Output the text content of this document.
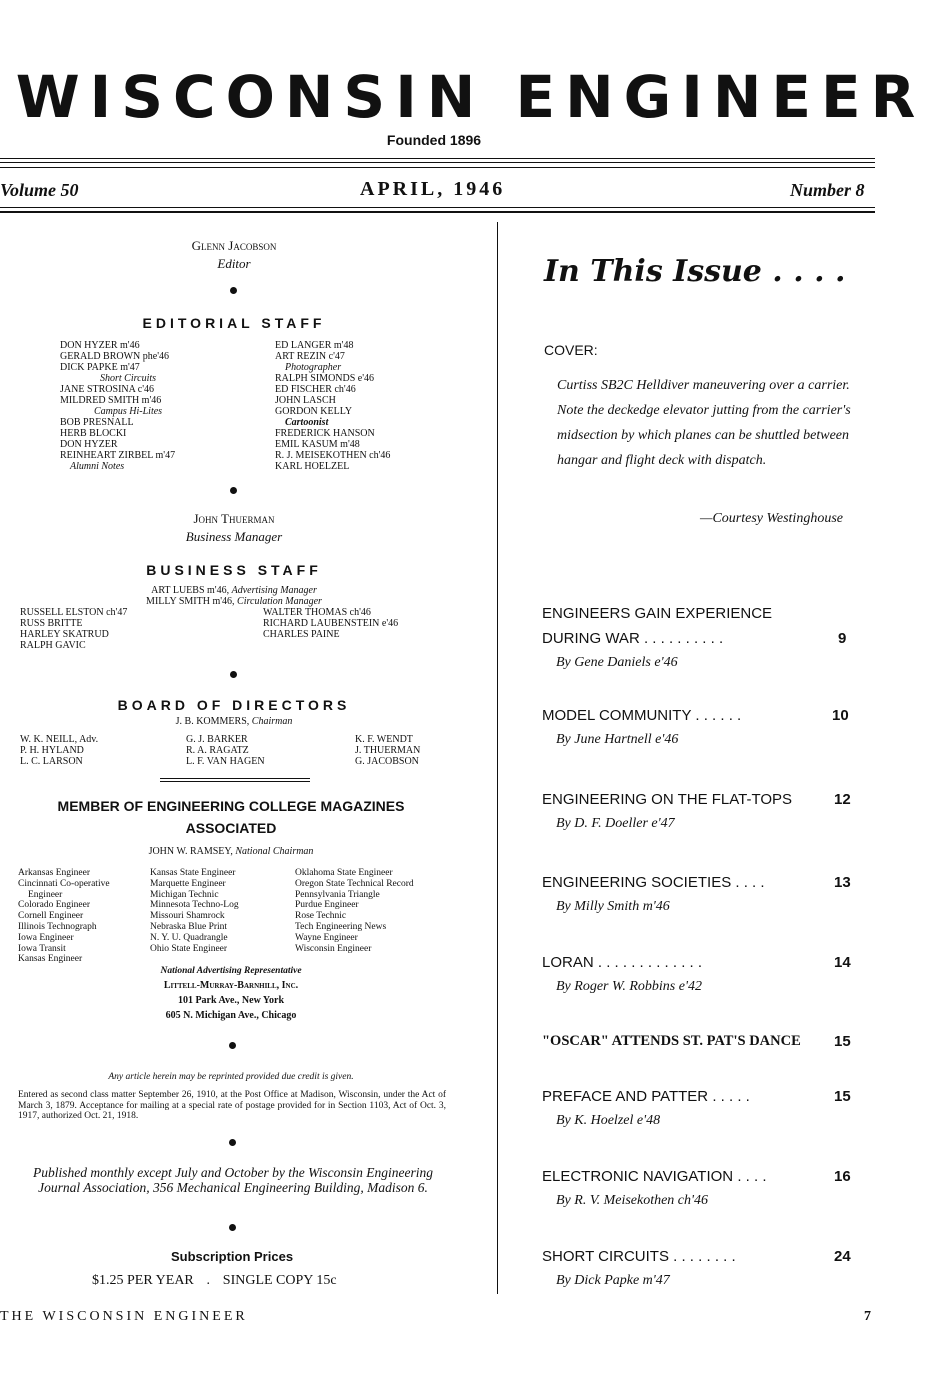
WISCONSIN ENGINEER
Founded 1896
Volume 50	APRIL, 1946	Number 8
Glenn Jacobson
Editor
EDITORIAL STAFF
DON HYZER m'46
GERALD BROWN phe'46
DICK PAPKE m'47
Short Circuits
JANE STROSINA c'46
MILDRED SMITH m'46
Campus Hi-Lites
BOB PRESNALL
HERB BLOCKI
DON HYZER
REINHEART ZIRBEL m'47
Alumni Notes
ED LANGER m'48
ART REZIN c'47
Photographer
RALPH SIMONDS e'46
ED FISCHER ch'46
JOHN LASCH
GORDON KELLY
Cartoonist
FREDERICK HANSON
EMIL KASUM m'48
R. J. MEISEKOTHEN ch'46
KARL HOELZEL
John Thuerman
Business Manager
BUSINESS STAFF
ART LUEBS m'46, Advertising Manager
MILLY SMITH m'46, Circulation Manager
RUSSELL ELSTON ch'47
RUSS BRITTE
HARLEY SKATRUD
RALPH GAVIC
WALTER THOMAS ch'46
RICHARD LAUBENSTEIN e'46
CHARLES PAINE
BOARD OF DIRECTORS
J. B. KOMMERS, Chairman
W. K. NEILL, Adv.
P. H. HYLAND
L. C. LARSON
G. J. BARKER
R. A. RAGATZ
L. F. VAN HAGEN
K. F. WENDT
J. THUERMAN
G. JACOBSON
MEMBER OF ENGINEERING COLLEGE MAGAZINES
ASSOCIATED
JOHN W. RAMSEY, National Chairman
Arkansas Engineer
Cincinnati Co-operative
Engineer
Colorado Engineer
Cornell Engineer
Illinois Technograph
Iowa Engineer
Iowa Transit
Kansas Engineer
Kansas State Engineer
Marquette Engineer
Michigan Technic
Minnesota Techno-Log
Missouri Shamrock
Nebraska Blue Print
N. Y. U. Quadrangle
Ohio State Engineer
Oklahoma State Engineer
Oregon State Technical Record
Pennsylvania Triangle
Purdue Engineer
Rose Technic
Tech Engineering News
Wayne Engineer
Wisconsin Engineer
National Advertising Representative
Littell-Murray-Barnhill, Inc.
101 Park Ave., New York
605 N. Michigan Ave., Chicago
Any article herein may be reprinted provided due credit is given.
Entered as second class matter September 26, 1910, at the Post Office at Madison, Wisconsin, under the Act of March 3, 1879. Acceptance for mailing at a special rate of postage provided for in Section 1103, Act of Oct. 3, 1917, authorized Oct. 21, 1918.
Published monthly except July and October by the Wisconsin Engineering Journal Association, 356 Mechanical Engineering Building, Madison 6.
Subscription Prices
$1.25 PER YEAR . SINGLE COPY 15c
In This Issue . . . .
COVER:
Curtiss SB2C Helldiver maneuvering over a carrier. Note the deckedge elevator jutting from the carrier's midsection by which planes can be shuttled between hangar and flight deck with dispatch.
—Courtesy Westinghouse
ENGINEERS GAIN EXPERIENCE
DURING WAR . . . . . . . . . .	9
By Gene Daniels e'46
MODEL COMMUNITY . . . . . .	10
By June Hartnell e'46
ENGINEERING ON THE FLAT-TOPS	12
By D. F. Doeller e'47
ENGINEERING SOCIETIES . . . .	13
By Milly Smith m'46
LORAN . . . . . . . . . . . . .	14
By Roger W. Robbins e'42
"OSCAR" ATTENDS ST. PAT'S DANCE 15
PREFACE AND PATTER . . . . .	15
By K. Hoelzel e'48
ELECTRONIC NAVIGATION . . . .	16
By R. V. Meisekothen ch'46
SHORT CIRCUITS . . . . . . . .	24
By Dick Papke m'47
THE WISCONSIN ENGINEER	7
